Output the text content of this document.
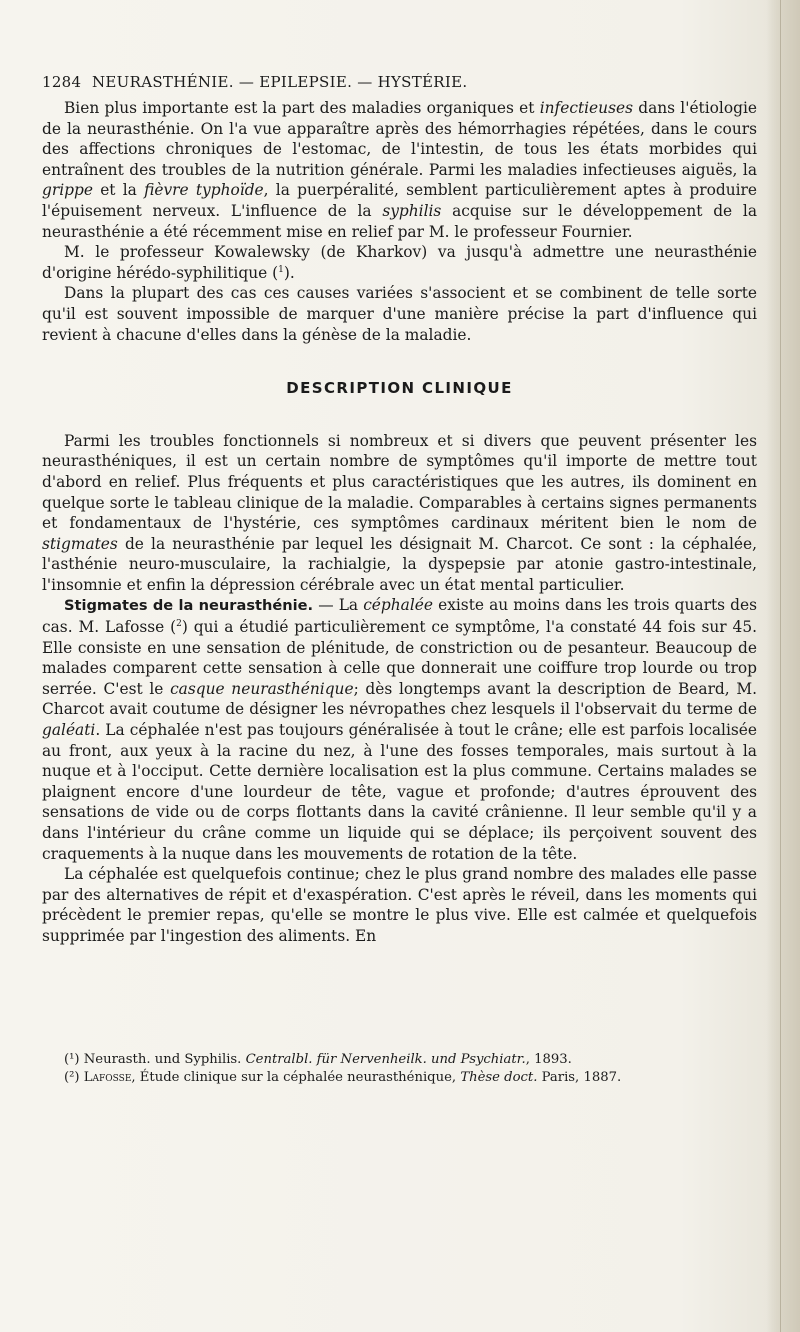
1284 NEURASTHÉNIE. — EPILEPSIE. — HYSTÉRIE.

Bien plus importante est la part des maladies organiques et infectieuses dans l'étiologie de la neurasthénie. On l'a vue apparaître après des hémorrhagies répétées, dans le cours des affections chroniques de l'estomac, de l'intestin, de tous les états morbides qui entraînent des troubles de la nutrition générale. Parmi les maladies infectieuses aiguës, la grippe et la fièvre typhoïde, la puerpéralité, semblent particulièrement aptes à produire l'épuisement nerveux. L'influence de la syphilis acquise sur le développement de la neurasthénie a été récemment mise en relief par M. le professeur Fournier.

M. le professeur Kowalewsky (de Kharkov) va jusqu'à admettre une neurasthénie d'origine hérédo-syphilitique ($^1$).

Dans la plupart des cas ces causes variées s'associent et se combinent de telle sorte qu'il est souvent impossible de marquer d'une manière précise la part d'influence qui revient à chacune d'elles dans la génèse de la maladie.

DESCRIPTION CLINIQUE

Parmi les troubles fonctionnels si nombreux et si divers que peuvent présenter les neurasthéniques, il est un certain nombre de symptômes qu'il importe de mettre tout d'abord en relief. Plus fréquents et plus caractéristiques que les autres, ils dominent en quelque sorte le tableau clinique de la maladie. Comparables à certains signes permanents et fondamentaux de l'hystérie, ces symptômes cardinaux méritent bien le nom de stigmates de la neurasthénie par lequel les désignait M. Charcot. Ce sont : la céphalée, l'asthénie neuro-musculaire, la rachialgie, la dyspepsie par atonie gastro-intestinale, l'insomnie et enfin la dépression cérébrale avec un état mental particulier.

Stigmates de la neurasthénie. — La céphalée existe au moins dans les trois quarts des cas. M. Lafosse ($^2$) qui a étudié particulièrement ce symptôme, l'a constaté 44 fois sur 45. Elle consiste en une sensation de plénitude, de constriction ou de pesanteur. Beaucoup de malades comparent cette sensation à celle que donnerait une coiffure trop lourde ou trop serrée. C'est le casque neurasthénique; dès longtemps avant la description de Beard, M. Charcot avait coutume de désigner les névropathes chez lesquels il l'observait du terme de galéati. La céphalée n'est pas toujours généralisée à tout le crâne; elle est parfois localisée au front, aux yeux à la racine du nez, à l'une des fosses temporales, mais surtout à la nuque et à l'occiput. Cette dernière localisation est la plus commune. Certains malades se plaignent encore d'une lourdeur de tête, vague et profonde; d'autres éprouvent des sensations de vide ou de corps flottants dans la cavité crânienne. Il leur semble qu'il y a dans l'intérieur du crâne comme un liquide qui se déplace; ils perçoivent souvent des craquements à la nuque dans les mouvements de rotation de la tête.

La céphalée est quelquefois continue; chez le plus grand nombre des malades elle passe par des alternatives de répit et d'exaspération. C'est après le réveil, dans les moments qui précèdent le premier repas, qu'elle se montre le plus vive. Elle est calmée et quelquefois supprimée par l'ingestion des aliments. En

(¹) Neurasth. und Syphilis. Centralbl. für Nervenheilk. und Psychiatr., 1893.

(²) Lafosse, Étude clinique sur la céphalée neurasthénique, Thèse doct. Paris, 1887.
